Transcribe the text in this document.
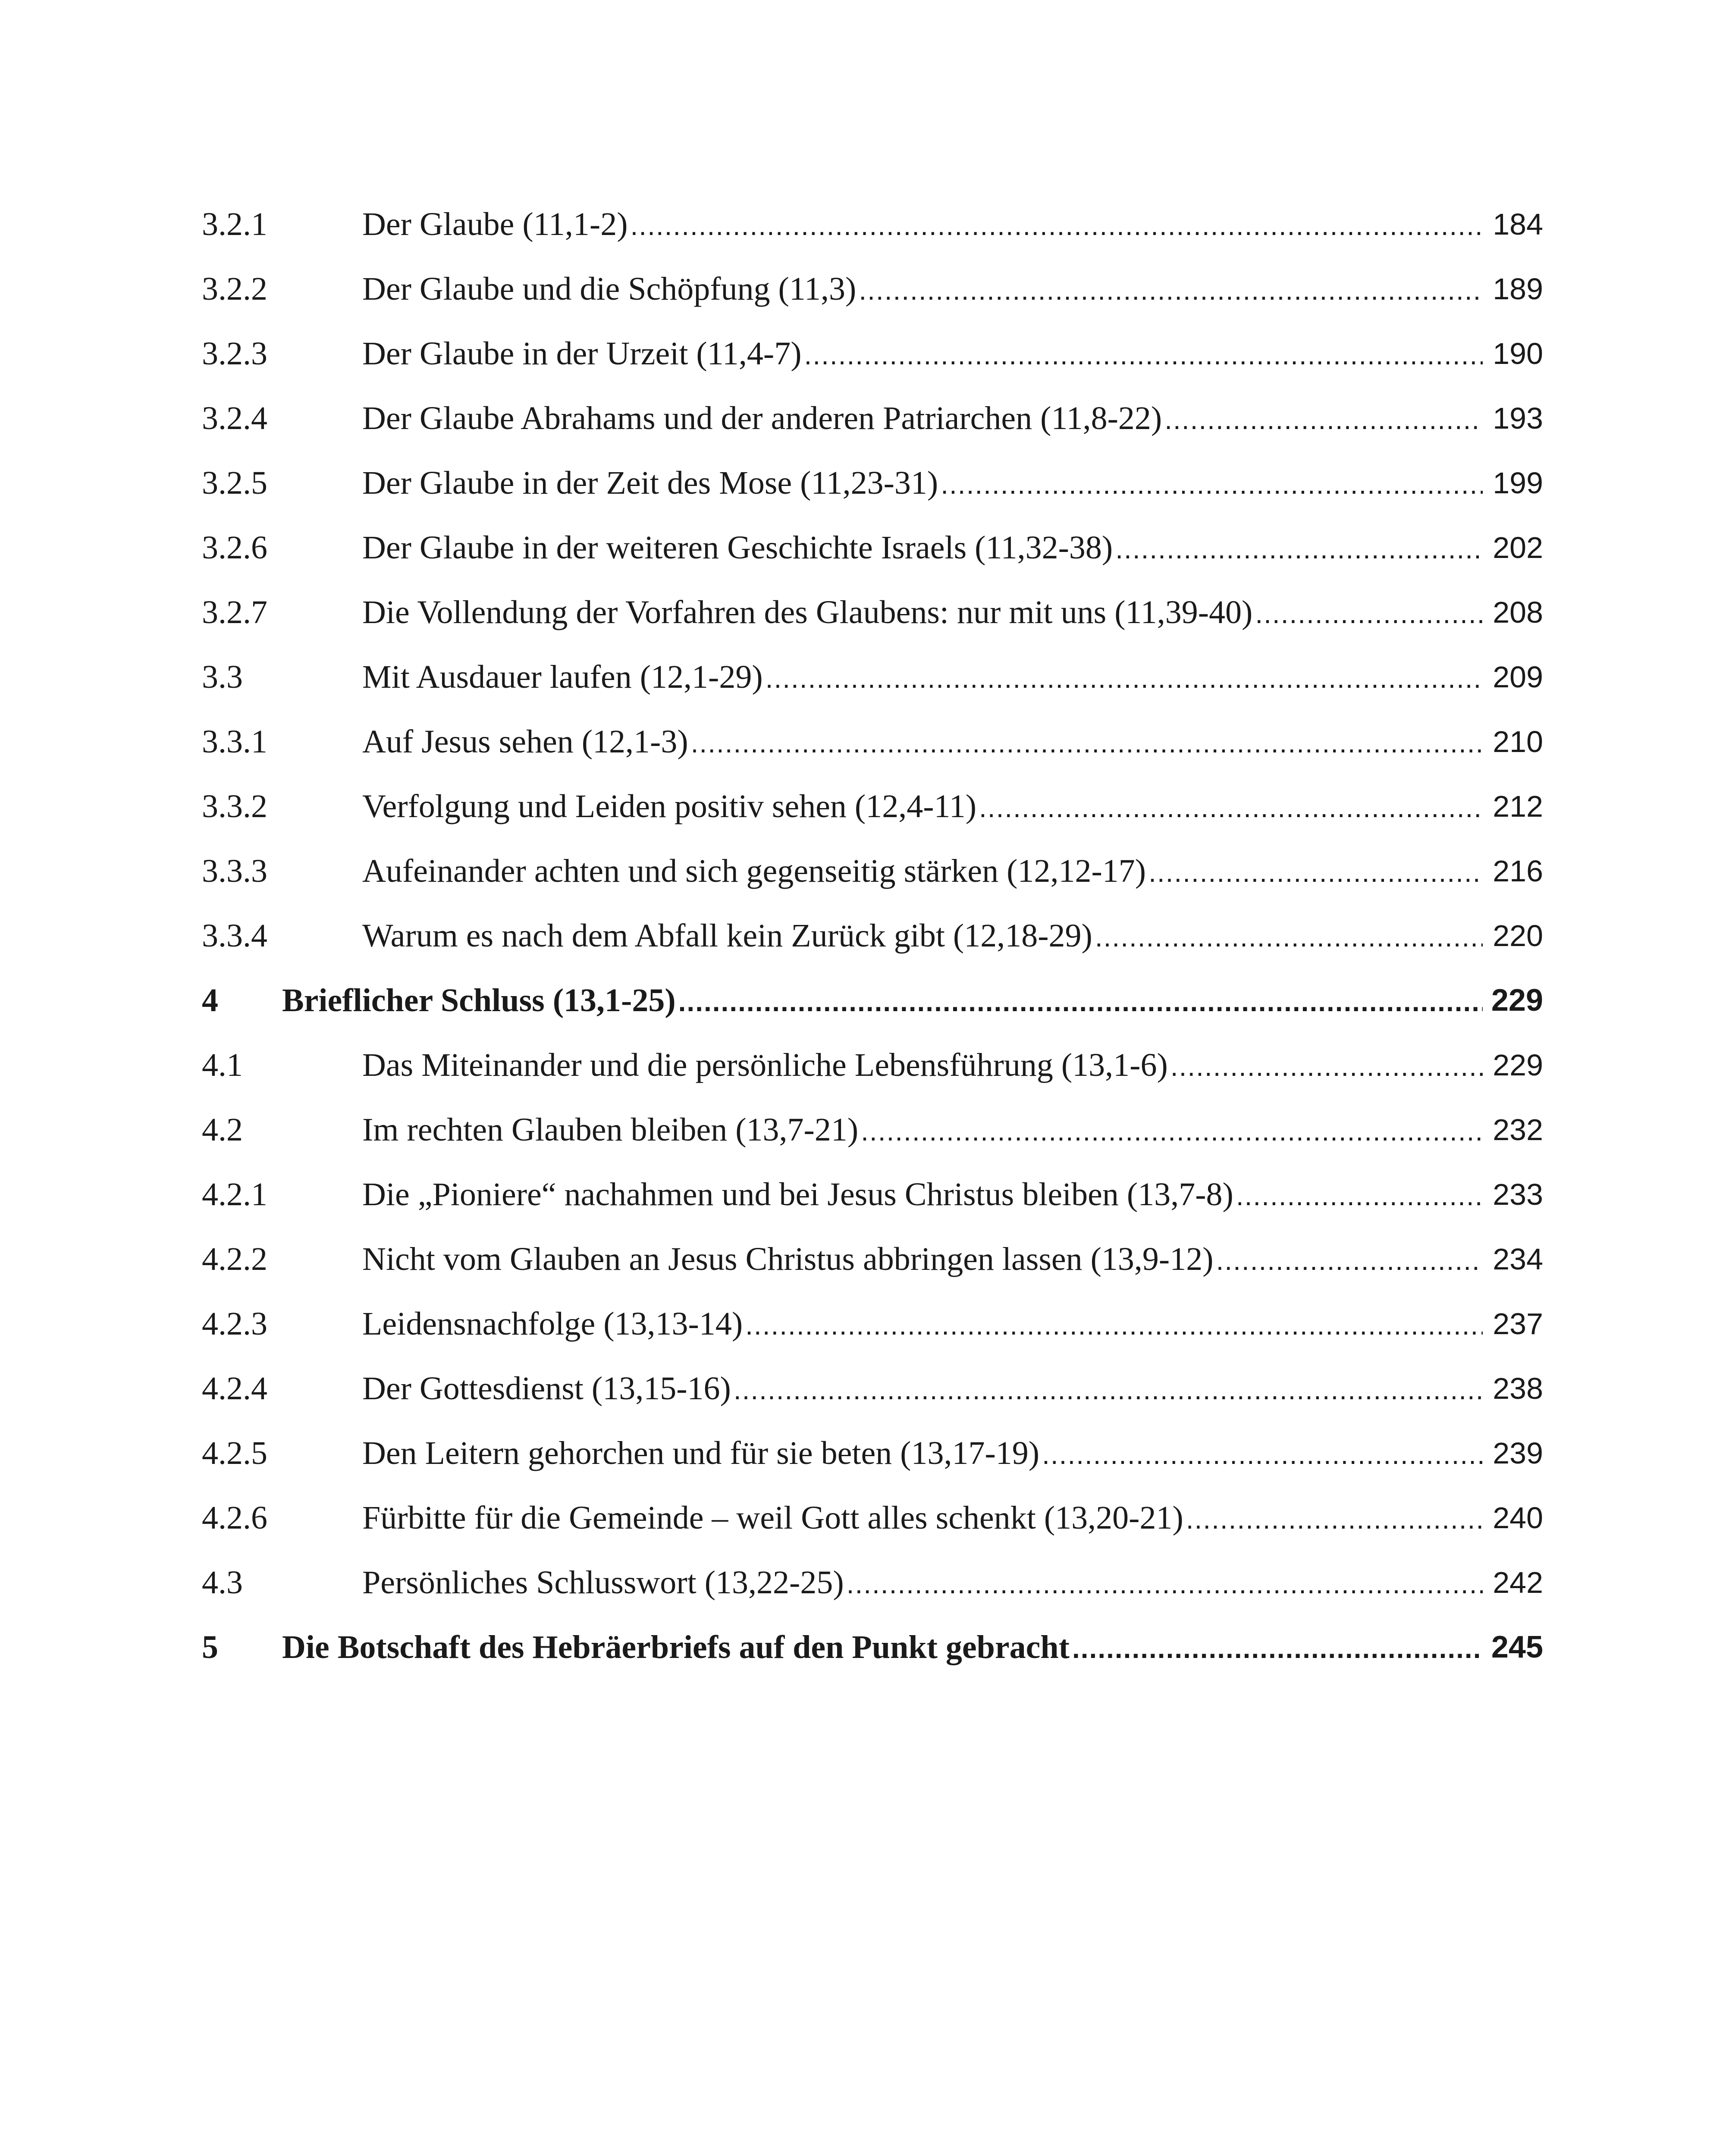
3.2.1	Der Glaube (11,1-2) .....	184
3.2.2	Der Glaube und die Schöpfung (11,3) .....	189
3.2.3	Der Glaube in der Urzeit (11,4-7) .....	190
3.2.4	Der Glaube Abrahams und der anderen Patriarchen (11,8-22) .....	193
3.2.5	Der Glaube in der Zeit des Mose (11,23-31) .....	199
3.2.6	Der Glaube in der weiteren Geschichte Israels (11,32-38) .....	202
3.2.7	Die Vollendung der Vorfahren des Glaubens: nur mit uns (11,39-40) .....	208
3.3	Mit Ausdauer laufen (12,1-29) .....	209
3.3.1	Auf Jesus sehen (12,1-3) .....	210
3.3.2	Verfolgung und Leiden positiv sehen (12,4-11) .....	212
3.3.3	Aufeinander achten und sich gegenseitig stärken (12,12-17) .....	216
3.3.4	Warum es nach dem Abfall kein Zurück gibt (12,18-29) .....	220
4	Brieflicher Schluss (13,1-25) .....	229
4.1	Das Miteinander und die persönliche Lebensführung (13,1-6) .....	229
4.2	Im rechten Glauben bleiben (13,7-21) .....	232
4.2.1	Die „Pioniere“ nachahmen und bei Jesus Christus bleiben (13,7-8) .....	233
4.2.2	Nicht vom Glauben an Jesus Christus abbringen lassen (13,9-12) .....	234
4.2.3	Leidensnachfolge (13,13-14) .....	237
4.2.4	Der Gottesdienst (13,15-16) .....	238
4.2.5	Den Leitern gehorchen und für sie beten (13,17-19) .....	239
4.2.6	Fürbitte für die Gemeinde – weil Gott alles schenkt (13,20-21) .....	240
4.3	Persönliches Schlusswort (13,22-25) .....	242
5	Die Botschaft des Hebräerbriefs auf den Punkt gebracht .....	245
